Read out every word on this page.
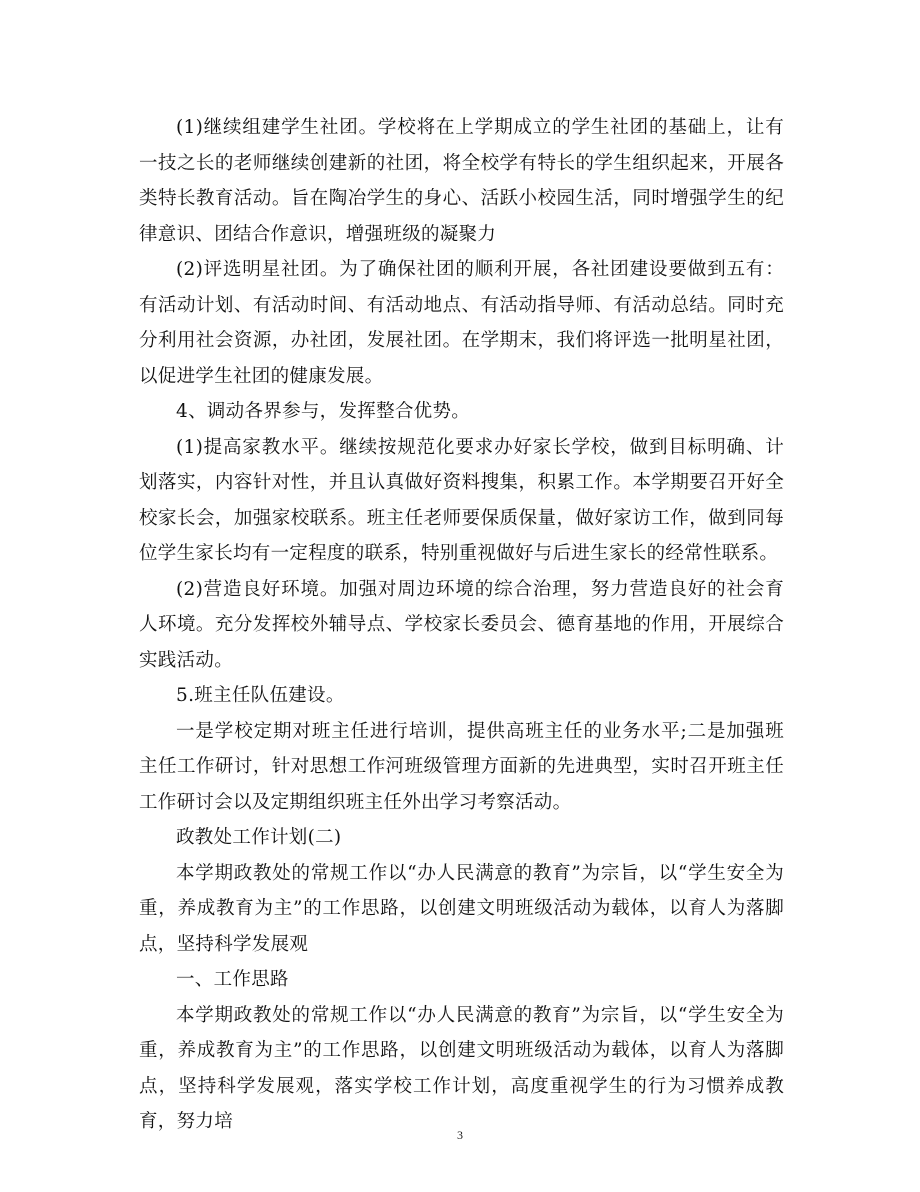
(1)继续组建学生社团。学校将在上学期成立的学生社团的基础上，让有一技之长的老师继续创建新的社团，将全校学有特长的学生组织起来，开展各类特长教育活动。旨在陶冶学生的身心、活跃小校园生活，同时增强学生的纪律意识、团结合作意识，增强班级的凝聚力

(2)评选明星社团。为了确保社团的顺利开展，各社团建设要做到五有：有活动计划、有活动时间、有活动地点、有活动指导师、有活动总结。同时充分利用社会资源，办社团，发展社团。在学期末，我们将评选一批明星社团，以促进学生社团的健康发展。

4、调动各界参与，发挥整合优势。

(1)提高家教水平。继续按规范化要求办好家长学校，做到目标明确、计划落实，内容针对性，并且认真做好资料搜集，积累工作。本学期要召开好全校家长会，加强家校联系。班主任老师要保质保量，做好家访工作，做到同每位学生家长均有一定程度的联系，特别重视做好与后进生家长的经常性联系。

(2)营造良好环境。加强对周边环境的综合治理，努力营造良好的社会育人环境。充分发挥校外辅导点、学校家长委员会、德育基地的作用，开展综合实践活动。

5.班主任队伍建设。

一是学校定期对班主任进行培训，提供高班主任的业务水平;二是加强班主任工作研讨，针对思想工作河班级管理方面新的先进典型，实时召开班主任工作研讨会以及定期组织班主任外出学习考察活动。

政教处工作计划(二)

本学期政教处的常规工作以“办人民满意的教育”为宗旨，以“学生安全为重，养成教育为主”的工作思路，以创建文明班级活动为载体，以育人为落脚点，坚持科学发展观

一、工作思路

本学期政教处的常规工作以“办人民满意的教育”为宗旨，以“学生安全为重，养成教育为主”的工作思路，以创建文明班级活动为载体，以育人为落脚点，坚持科学发展观，落实学校工作计划，高度重视学生的行为习惯养成教育，努力培

3
